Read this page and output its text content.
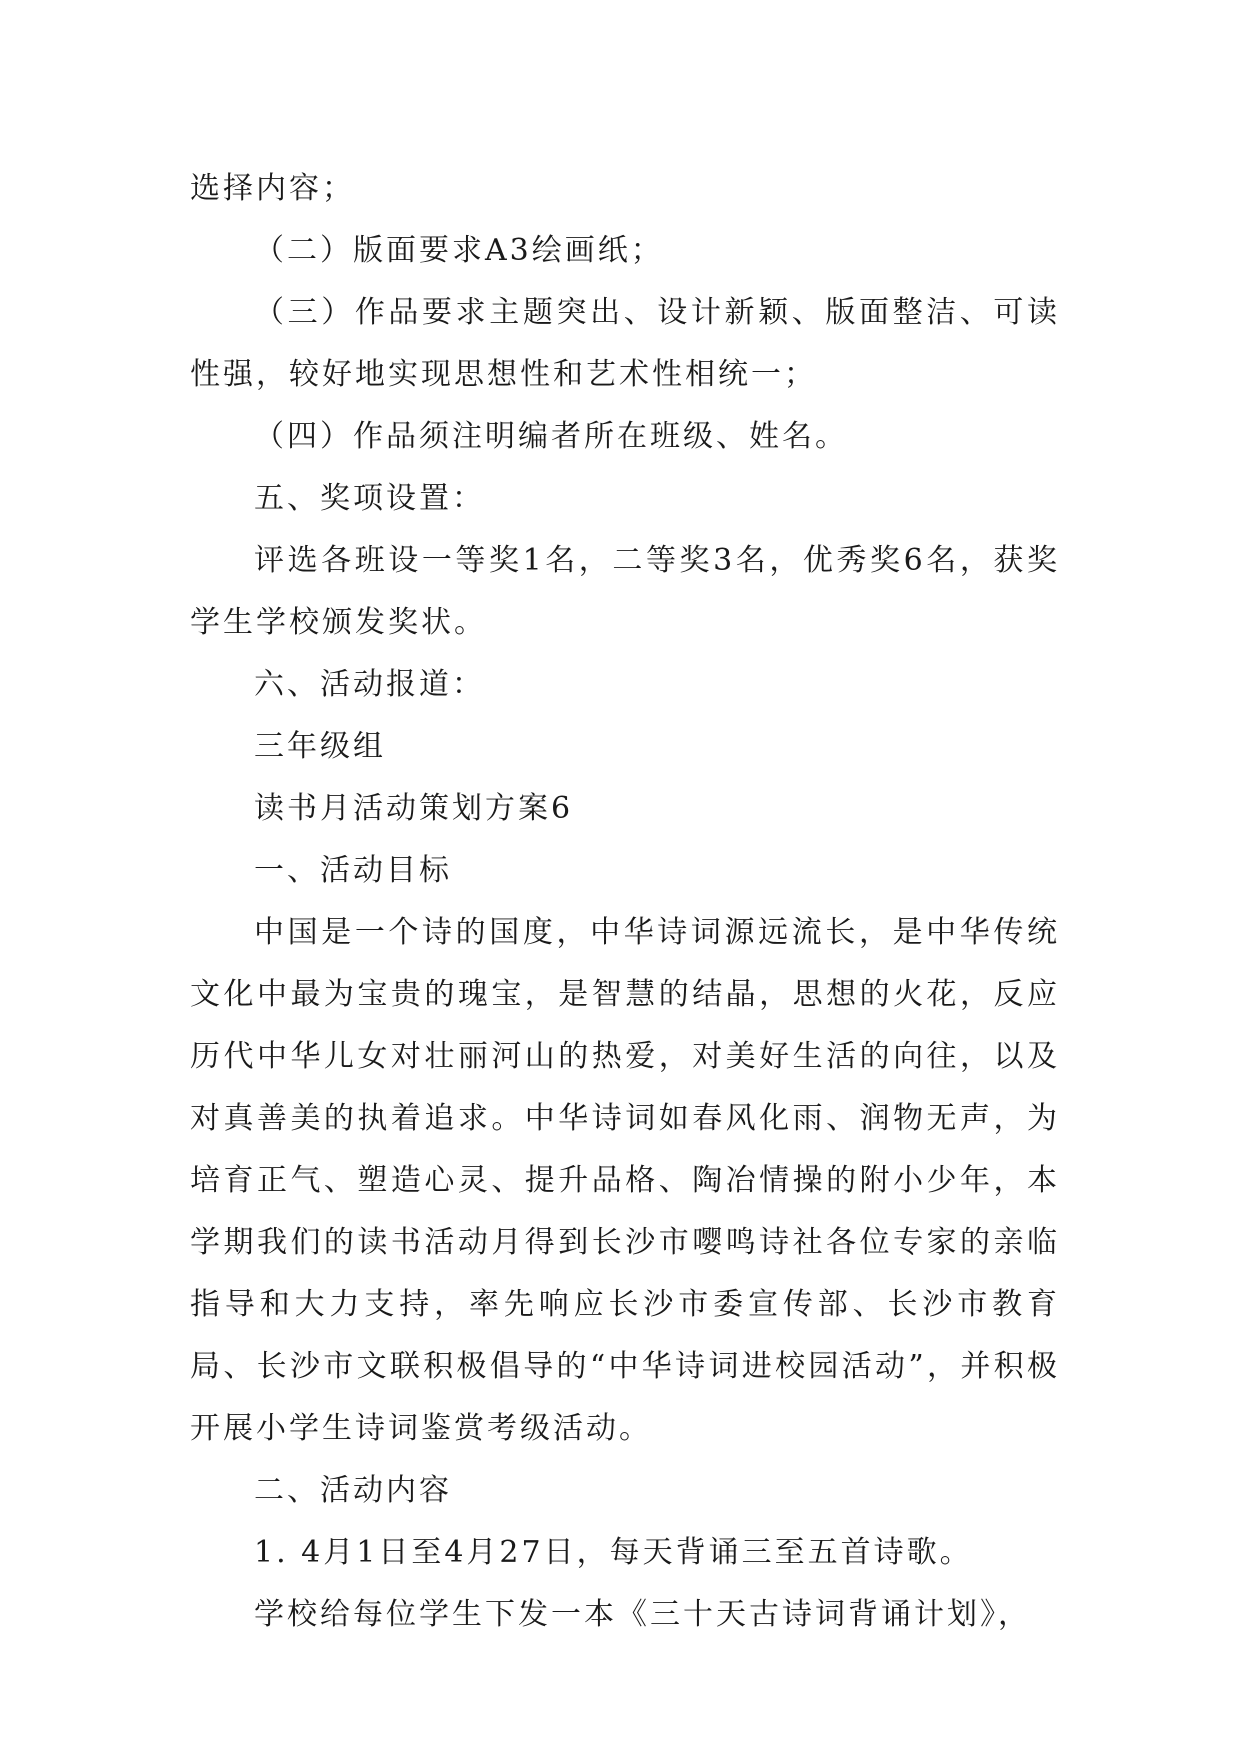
选择内容；

（二）版面要求A3绘画纸；

（三）作品要求主题突出、设计新颖、版面整洁、可读性强，较好地实现思想性和艺术性相统一；

（四）作品须注明编者所在班级、姓名。

五、奖项设置：

评选各班设一等奖1名，二等奖3名，优秀奖6名，获奖学生学校颁发奖状。

六、活动报道：

三年级组

读书月活动策划方案6

一、活动目标

中国是一个诗的国度，中华诗词源远流长，是中华传统文化中最为宝贵的瑰宝，是智慧的结晶，思想的火花，反应历代中华儿女对壮丽河山的热爱，对美好生活的向往，以及对真善美的执着追求。中华诗词如春风化雨、润物无声，为培育正气、塑造心灵、提升品格、陶冶情操的附小少年，本学期我们的读书活动月得到长沙市嘤鸣诗社各位专家的亲临指导和大力支持，率先响应长沙市委宣传部、长沙市教育局、长沙市文联积极倡导的“中华诗词进校园活动”，并积极开展小学生诗词鉴赏考级活动。

二、活动内容

1. 4月1日至4月27日，每天背诵三至五首诗歌。

学校给每位学生下发一本《三十天古诗词背诵计划》，
